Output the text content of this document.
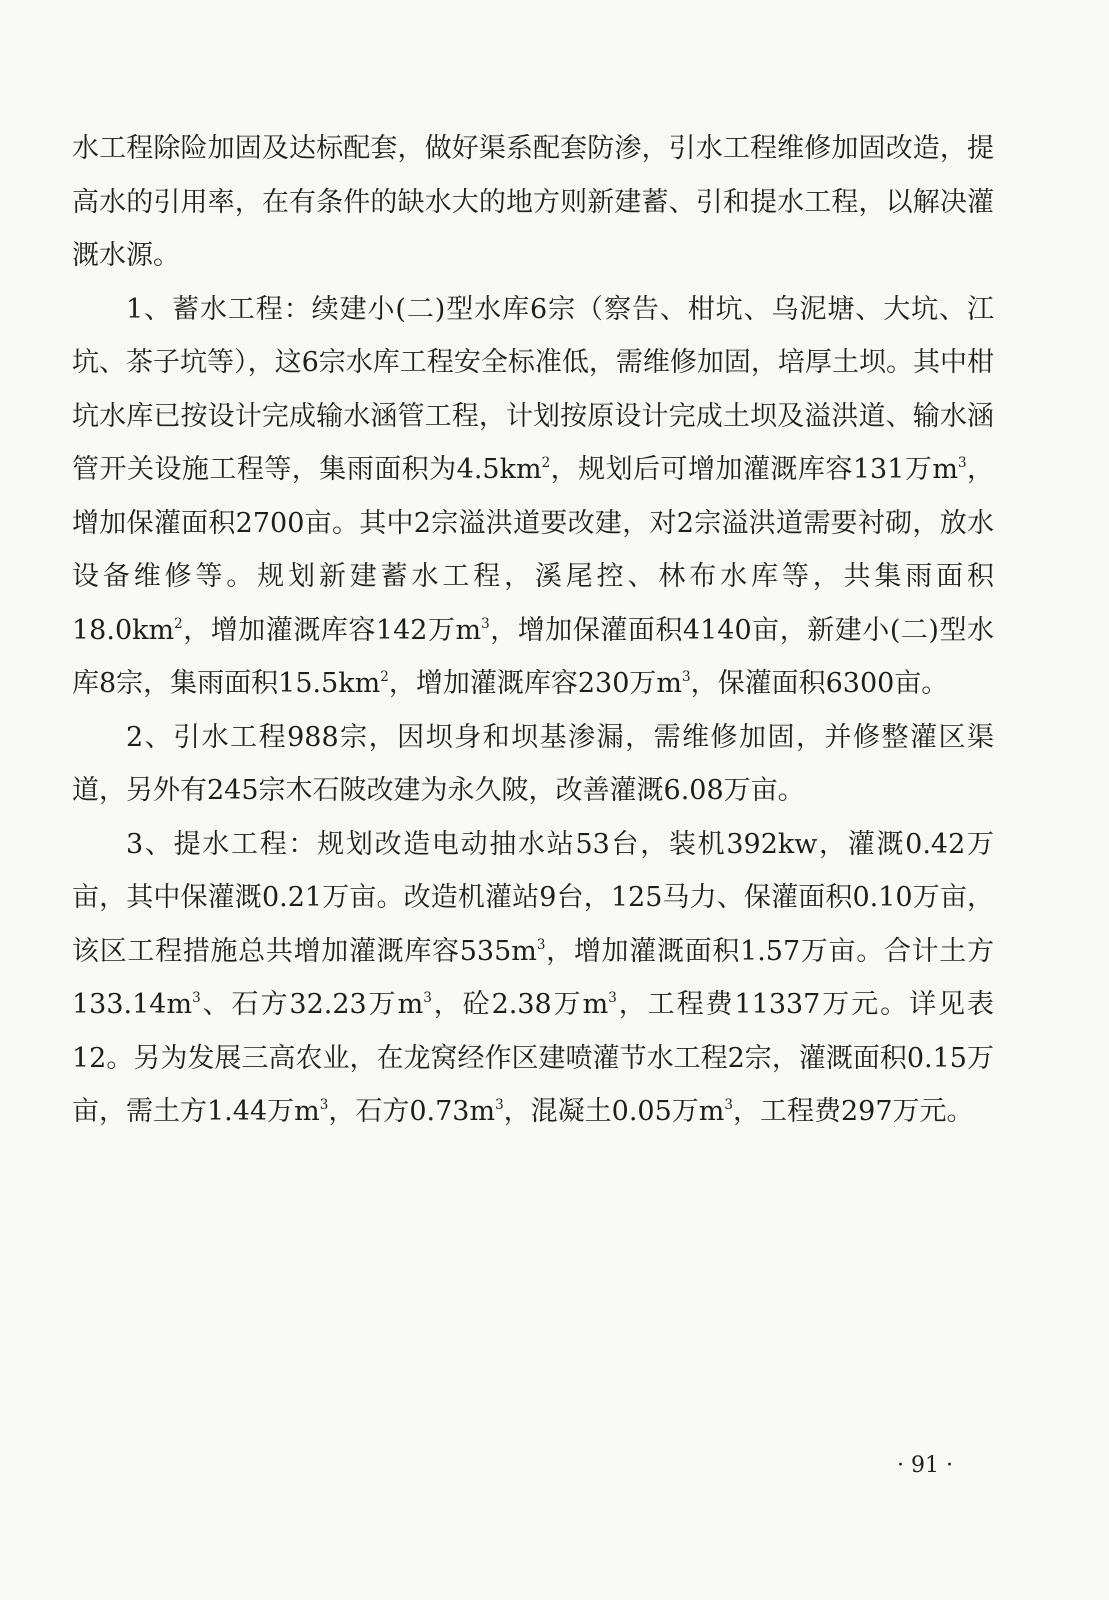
水工程除险加固及达标配套，做好渠系配套防渗，引水工程维修加固改造，提高水的引用率，在有条件的缺水大的地方则新建蓄、引和提水工程，以解决灌溉水源。

1、蓄水工程：续建小(二)型水库6宗（察告、柑坑、乌泥塘、大坑、江坑、茶子坑等），这6宗水库工程安全标准低，需维修加固，培厚土坝。其中柑坑水库已按设计完成输水涵管工程，计划按原设计完成土坝及溢洪道、输水涵管开关设施工程等，集雨面积为$4.5km^2$，规划后可增加灌溉库容131万$m^3$，增加保灌面积2700亩。其中2宗溢洪道要改建，对2宗溢洪道需要衬砌，放水设备维修等。规划新建蓄水工程，溪尾控、林布水库等，共集雨面积$18.0km^2$，增加灌溉库容142万$m^3$，增加保灌面积4140亩，新建小(二)型水库8宗，集雨面积$15.5km^2$，增加灌溉库容230万$m^3$，保灌面积6300亩。

2、引水工程988宗，因坝身和坝基渗漏，需维修加固，并修整灌区渠道，另外有245宗木石陂改建为永久陂，改善灌溉6.08万亩。

3、提水工程：规划改造电动抽水站53台，装机392kw，灌溉0.42万亩，其中保灌溉0.21万亩。改造机灌站9台，125马力、保灌面积0.10万亩，该区工程措施总共增加灌溉库容$535m^3$，增加灌溉面积1.57万亩。合计土方$133.14m^3$、石方32.23万$m^3$，砼2.38万$m^3$，工程费11337万元。详见表12。另为发展三高农业，在龙窝经作区建喷灌节水工程2宗，灌溉面积0.15万亩，需土方1.44万$m^3$，石方$0.73m^3$，混凝土0.05万$m^3$，工程费297万元。

· 91 ·
